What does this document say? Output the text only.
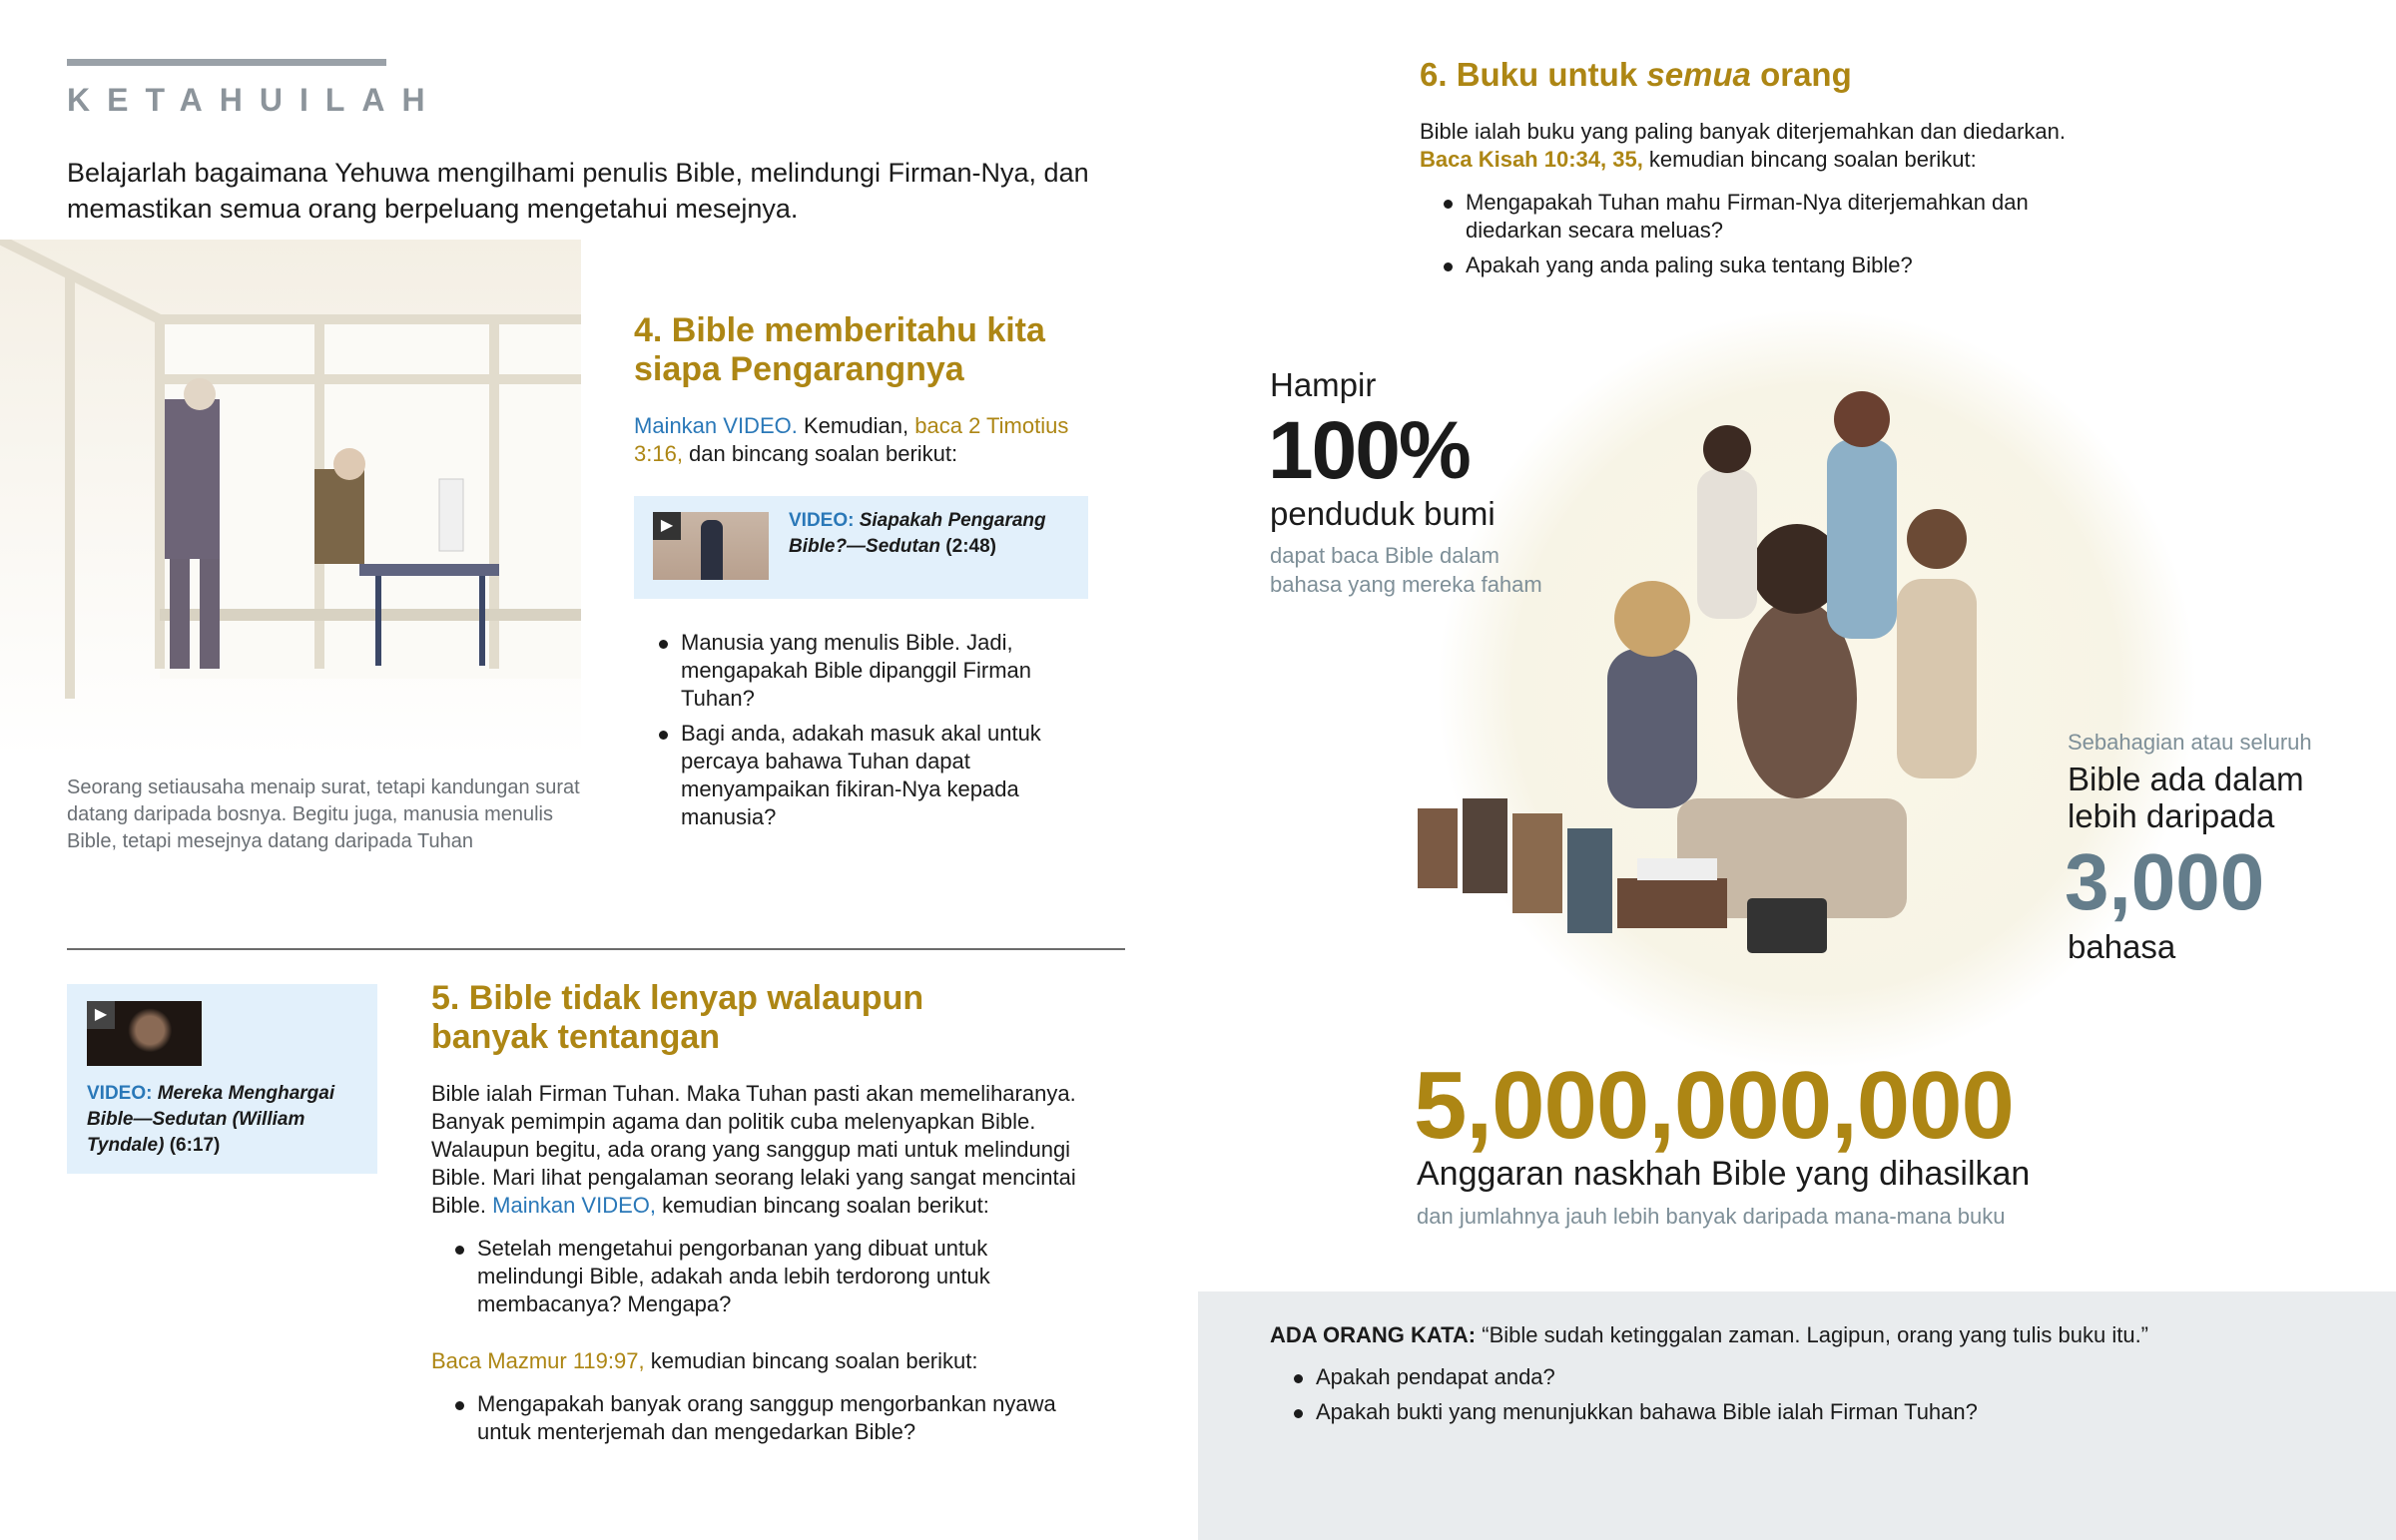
KETAHUILAH
Belajarlah bagaimana Yehuwa mengilhami penulis Bible, melindungi Firman-Nya, dan memastikan semua orang berpeluang mengetahui mesejnya.
Seorang setiausaha menaip surat, tetapi kandungan surat datang daripada bosnya. Begitu juga, manusia menulis Bible, tetapi mesejnya datang daripada Tuhan
4. Bible memberitahu kita siapa Pengarangnya
Mainkan VIDEO. Kemudian, baca 2 Timotius 3:16, dan bincang soalan berikut:
▶	VIDEO: Siapakah Pengarang Bible?—Sedutan (2:48)
Manusia yang menulis Bible. Jadi, mengapakah Bible dipanggil Firman Tuhan?
Bagi anda, adakah masuk akal untuk percaya bahawa Tuhan dapat menyampaikan fikiran-Nya kepada manusia?
▶
VIDEO: Mereka Menghargai Bible—Sedutan (William Tyndale) (6:17)
5. Bible tidak lenyap walaupun banyak tentangan
Bible ialah Firman Tuhan. Maka Tuhan pasti akan memeliharanya. Banyak pemimpin agama dan politik cuba melenyapkan Bible. Walaupun begitu, ada orang yang sanggup mati untuk melindungi Bible. Mari lihat pengalaman seorang lelaki yang sangat mencintai Bible. Mainkan VIDEO, kemudian bincang soalan berikut:
Setelah mengetahui pengorbanan yang dibuat untuk melindungi Bible, adakah anda lebih terdorong untuk membacanya? Mengapa?
Baca Mazmur 119:97, kemudian bincang soalan berikut:
Mengapakah banyak orang sanggup mengorbankan nyawa untuk menterjemah dan mengedarkan Bible?
6. Buku untuk semua orang
Bible ialah buku yang paling banyak diterjemahkan dan diedarkan.
Baca Kisah 10:34, 35, kemudian bincang soalan berikut:
Mengapakah Tuhan mahu Firman-Nya diterjemahkan dan diedarkan secara meluas?
Apakah yang anda paling suka tentang Bible?
Hampir
100%
penduduk bumi
dapat baca Bible dalam bahasa yang mereka faham
Sebahagian atau seluruh
Bible ada dalam lebih daripada
3,000
bahasa
5,000,000,000
Anggaran naskhah Bible yang dihasilkan
dan jumlahnya jauh lebih banyak daripada mana-mana buku
ADA ORANG KATA: “Bible sudah ketinggalan zaman. Lagipun, orang yang tulis buku itu.”
Apakah pendapat anda?
Apakah bukti yang menunjukkan bahawa Bible ialah Firman Tuhan?
